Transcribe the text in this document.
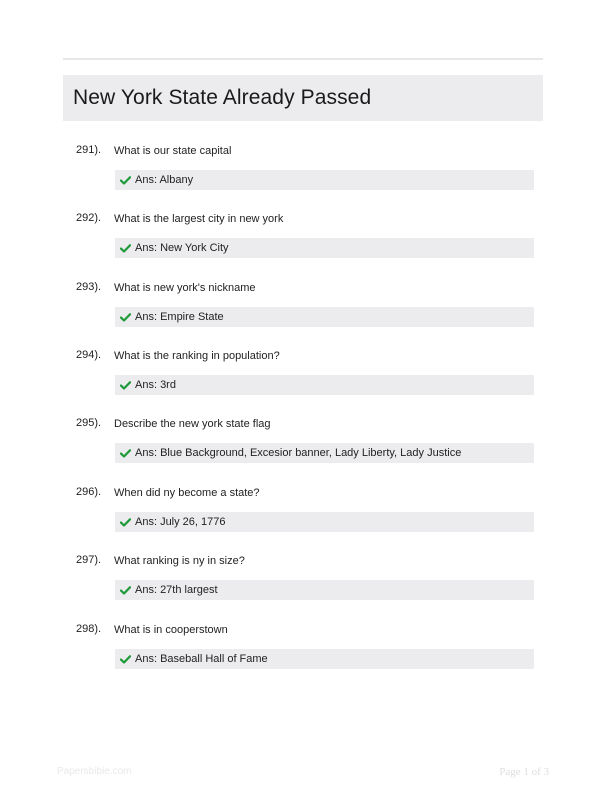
New York State Already Passed
291). What is our state capital
Ans: Albany
292). What is the largest city in new york
Ans: New York City
293). What is new york's nickname
Ans: Empire State
294). What is the ranking in population?
Ans: 3rd
295). Describe the new york state flag
Ans: Blue Background, Excesior banner, Lady Liberty, Lady Justice
296). When did ny become a state?
Ans: July 26, 1776
297). What ranking is ny in size?
Ans: 27th largest
298). What is in cooperstown
Ans: Baseball Hall of Fame
Papersbible.com	Page 1 of 3
